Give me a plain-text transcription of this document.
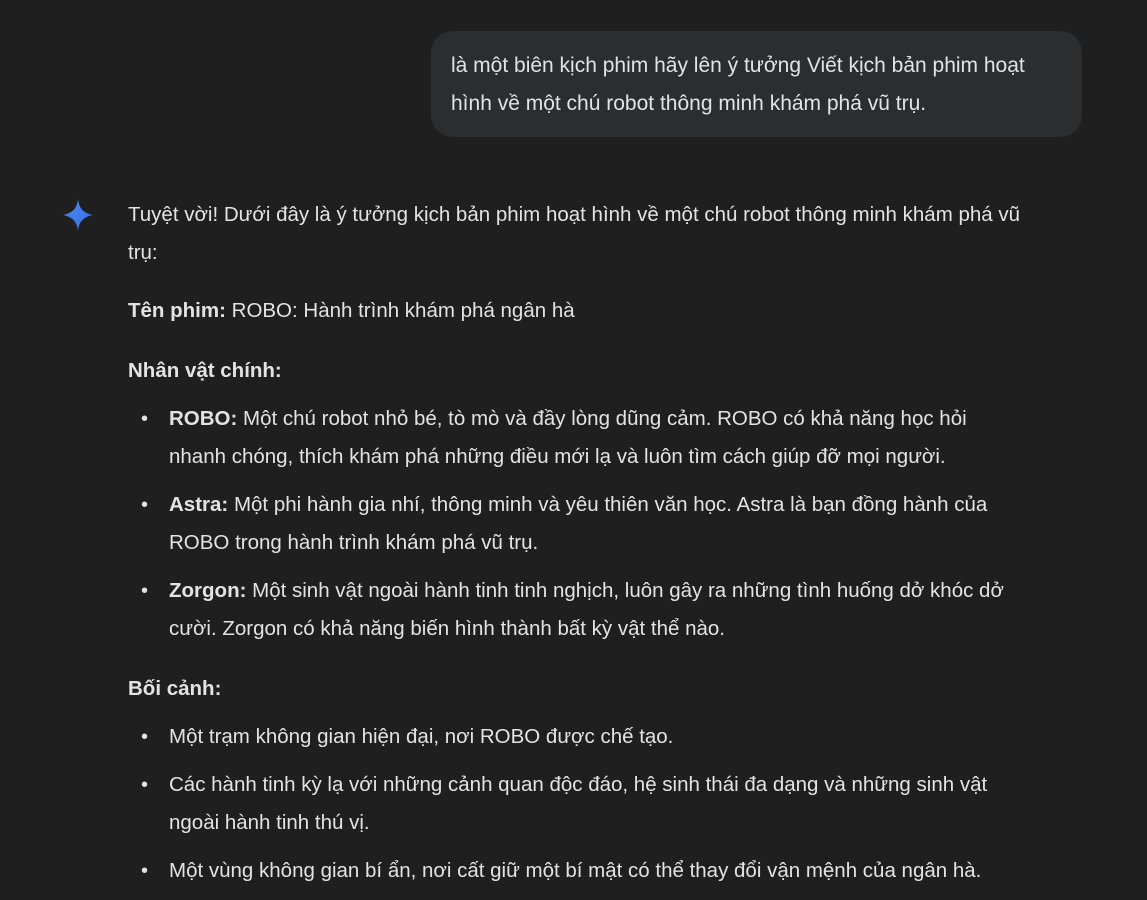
là một biên kịch phim hãy lên ý tưởng Viết kịch bản phim hoạt
hình về một chú robot thông minh khám phá vũ trụ.

Tuyệt vời! Dưới đây là ý tưởng kịch bản phim hoạt hình về một chú robot thông minh khám phá vũ
trụ:

Tên phim: ROBO: Hành trình khám phá ngân hà

Nhân vật chính:

• ROBO: Một chú robot nhỏ bé, tò mò và đầy lòng dũng cảm. ROBO có khả năng học hỏi
nhanh chóng, thích khám phá những điều mới lạ và luôn tìm cách giúp đỡ mọi người.
• Astra: Một phi hành gia nhí, thông minh và yêu thiên văn học. Astra là bạn đồng hành của
ROBO trong hành trình khám phá vũ trụ.
• Zorgon: Một sinh vật ngoài hành tinh tinh nghịch, luôn gây ra những tình huống dở khóc dở
cười. Zorgon có khả năng biến hình thành bất kỳ vật thể nào.

Bối cảnh:

• Một trạm không gian hiện đại, nơi ROBO được chế tạo.
• Các hành tinh kỳ lạ với những cảnh quan độc đáo, hệ sinh thái đa dạng và những sinh vật
ngoài hành tinh thú vị.
• Một vùng không gian bí ẩn, nơi cất giữ một bí mật có thể thay đổi vận mệnh của ngân hà.
